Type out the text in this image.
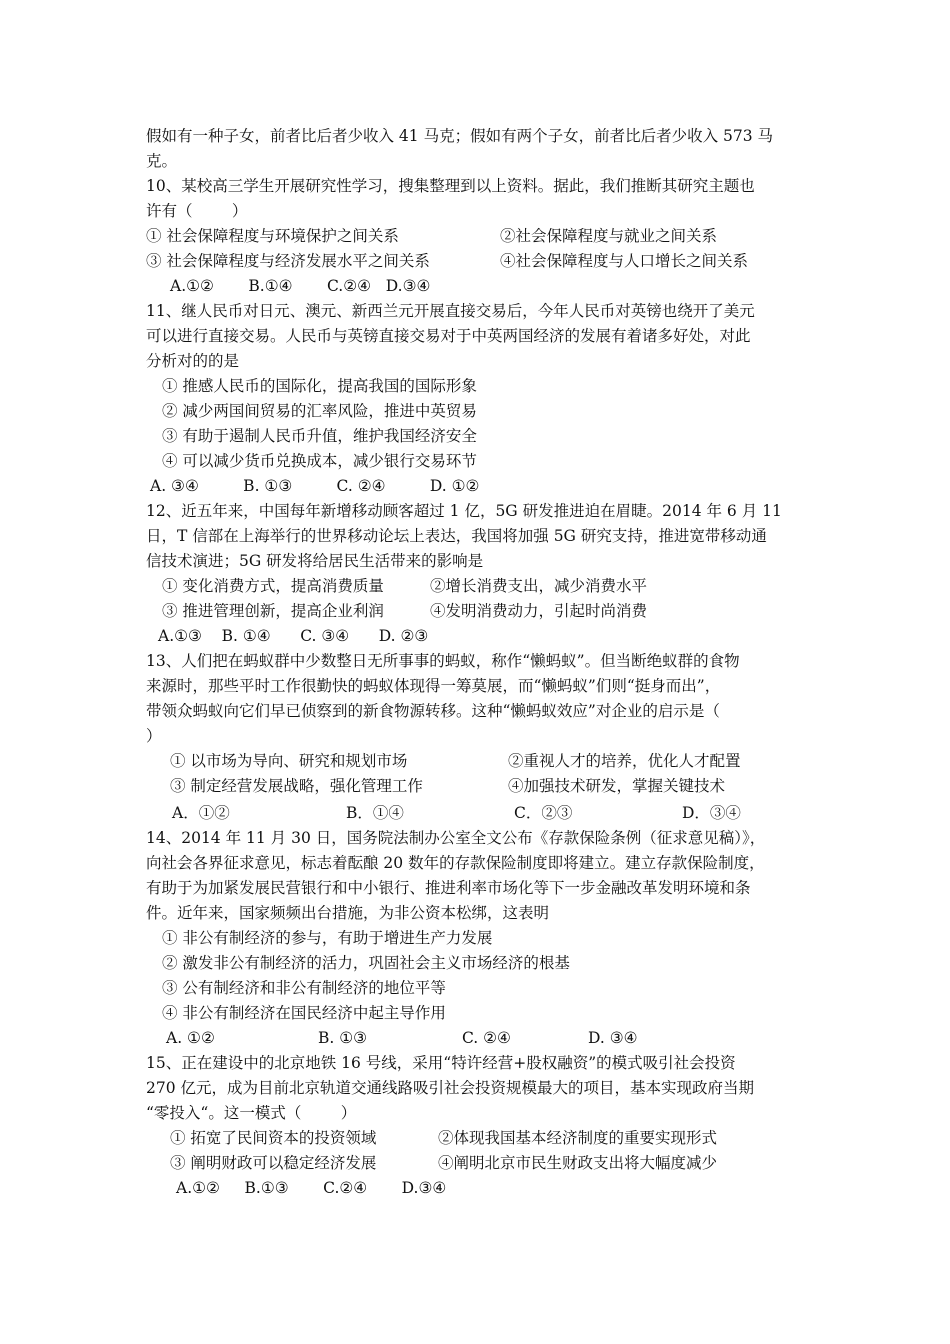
假如有一种子女，前者比后者少收入 41 马克；假如有两个子女，前者比后者少收入 573 马
克。
10、某校高三学生开展研究性学习，搜集整理到以上资料。据此，我们推断其研究主题也
许有（        ）
① 社会保障程度与环境保护之间关系	②社会保障程度与就业之间关系
③ 社会保障程度与经济发展水平之间关系	④社会保障程度与人口增长之间关系
A.①②       B.①④       C.②④   D.③④
11、继人民币对日元、澳元、新西兰元开展直接交易后，今年人民币对英镑也绕开了美元
可以进行直接交易。人民币与英镑直接交易对于中英两国经济的发展有着诸多好处，对此
分析对的的是
① 推感人民币的国际化，提高我国的国际形象
② 减少两国间贸易的汇率风险，推进中英贸易
③ 有助于遏制人民币升值，维护我国经济安全
④ 可以减少货币兑换成本，减少银行交易环节
A. ③④         B. ①③         C. ②④         D. ①②
12、近五年来，中国每年新增移动顾客超过 1 亿，5G 研发推进迫在眉睫。2014 年 6 月 11
日，T 信部在上海举行的世界移动论坛上表达，我国将加强 5G 研究支持，推进宽带移动通
信技术演进；5G 研发将给居民生活带来的影响是
① 变化消费方式，提高消费质量	②增长消费支出，减少消费水平
③ 推进管理创新，提高企业利润	④发明消费动力，引起时尚消费
A.①③    B. ①④      C. ③④      D. ②③
13、人们把在蚂蚁群中少数整日无所事事的蚂蚁，称作“懒蚂蚁”。但当断绝蚁群的食物
来源时，那些平时工作很勤快的蚂蚁体现得一筹莫展，而“懒蚂蚁”们则“挺身而出”，
带领众蚂蚁向它们早已侦察到的新食物源转移。这种“懒蚂蚁效应”对企业的启示是（
）
① 以市场为导向、研究和规划市场	②重视人才的培养，优化人才配置
③ 制定经营发展战略，强化管理工作	④加强技术研发，掌握关键技术
A．①②	B．①④	C．②③	D．③④
14、2014 年 11 月 30 日，国务院法制办公室全文公布《存款保险条例（征求意见稿）》，
向社会各界征求意见，标志着酝酿 20 数年的存款保险制度即将建立。建立存款保险制度，
有助于为加紧发展民营银行和中小银行、推进利率市场化等下一步金融改革发明环境和条
件。近年来，国家频频出台措施，为非公资本松绑，这表明
① 非公有制经济的参与，有助于增进生产力发展
② 激发非公有制经济的活力，巩固社会主义市场经济的根基
③ 公有制经济和非公有制经济的地位平等
④ 非公有制经济在国民经济中起主导作用
A. ①②	B. ①③	C. ②④	D. ③④
15、正在建设中的北京地铁 16 号线，采用“特许经营+股权融资”的模式吸引社会投资
270 亿元，成为目前北京轨道交通线路吸引社会投资规模最大的项目，基本实现政府当期
“零投入“。这一模式（        ）
① 拓宽了民间资本的投资领域	②体现我国基本经济制度的重要实现形式
③ 阐明财政可以稳定经济发展	④阐明北京市民生财政支出将大幅度减少
A.①②     B.①③       C.②④       D.③④
